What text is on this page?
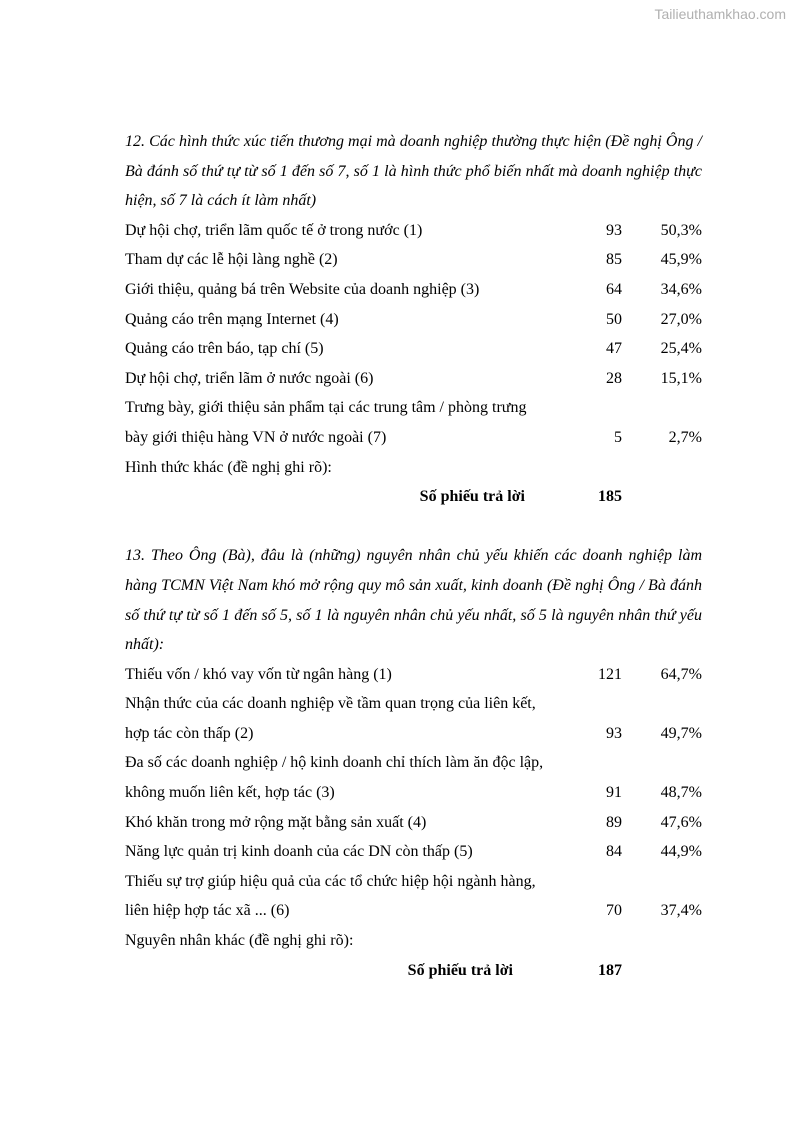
Tailieuthamkhao.com

12. Các hình thức xúc tiến thương mại mà doanh nghiệp thường thực hiện (Đề nghị Ông / Bà đánh số thứ tự từ số 1 đến số 7, số 1 là hình thức phổ biến nhất mà doanh nghiệp thực hiện, số 7 là cách ít làm nhất)

Dự hội chợ, triển lãm quốc tế ở trong nước (1)	93 50,3%
Tham dự các lễ hội làng nghề (2)	85 45,9%
Giới thiệu, quảng bá trên Website của doanh nghiệp (3)	64 34,6%
Quảng cáo trên mạng Internet (4)	50 27,0%
Quảng cáo trên báo, tạp chí (5)	47 25,4%
Dự hội chợ, triển lãm ở nước ngoài (6)	28 15,1%
Trưng bày, giới thiệu sản phẩm tại các trung tâm / phòng trưng bày giới thiệu hàng VN ở nước ngoài (7)	5	2,7%
Hình thức khác (đề nghị ghi rõ):
Số phiếu trả lời	185

13. Theo Ông (Bà), đâu là (những) nguyên nhân chủ yếu khiến các doanh nghiệp làm hàng TCMN Việt Nam khó mở rộng quy mô sản xuất, kinh doanh (Đề nghị Ông / Bà đánh số thứ tự từ số 1 đến số 5, số 1 là nguyên nhân chủ yếu nhất, số 5 là nguyên nhân thứ yếu nhất):

Thiếu vốn / khó vay vốn từ ngân hàng (1)	121 64,7%
Nhận thức của các doanh nghiệp về tầm quan trọng của liên kết, hợp tác còn thấp (2)	93 49,7%
Đa số các doanh nghiệp / hộ kinh doanh chỉ thích làm ăn độc lập, không muốn liên kết, hợp tác (3)	91 48,7%
Khó khăn trong mở rộng mặt bằng sản xuất (4)	89 47,6%
Năng lực quản trị kinh doanh của các DN còn thấp (5)	84 44,9%
Thiếu sự trợ giúp hiệu quả của các tổ chức hiệp hội ngành hàng, liên hiệp hợp tác xã ... (6)	70 37,4%
Nguyên nhân khác (đề nghị ghi rõ):
Số phiếu trả lời	187
